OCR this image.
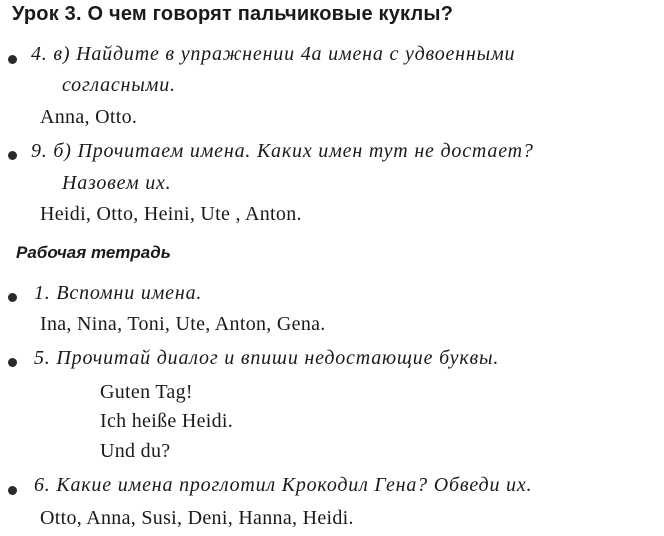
Урок 3. О чем говорят пальчиковые куклы?
4. в) Найдите в упражнении 4а имена с удвоенными
согласными.
Anna, Otto.
9. б) Прочитаем имена. Каких имен тут не достает?
Назовем их.
Heidi, Otto, Heini, Ute , Anton.
Рабочая тетрадь
1. Вспомни имена.
Ina, Nina, Toni, Ute, Anton, Gena.
5. Прочитай диалог и впиши недостающие буквы.
Guten Tag!
Ich heiße Heidi.
Und du?
6. Какие имена проглотил Крокодил Гена? Обведи их.
Otto, Anna, Susi, Deni, Hanna, Heidi.
